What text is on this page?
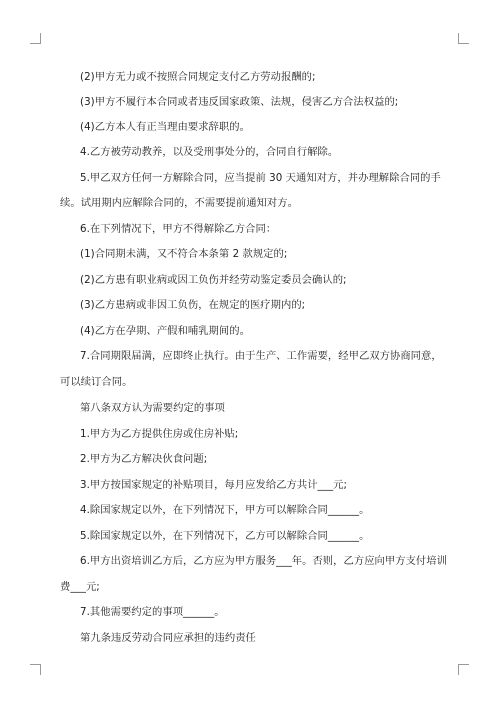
(2)甲方无力或不按照合同规定支付乙方劳动报酬的;
(3)甲方不履行本合同或者违反国家政策、法规，侵害乙方合法权益的;
(4)乙方本人有正当理由要求辞职的。
4.乙方被劳动教养，以及受刑事处分的，合同自行解除。
5.甲乙双方任何一方解除合同，应当提前 30 天通知对方，并办理解除合同的手
续。试用期内应解除合同的，不需要提前通知对方。
6.在下列情况下，甲方不得解除乙方合同：
(1)合同期未满，又不符合本条第 2 款规定的;
(2)乙方患有职业病或因工负伤并经劳动鉴定委员会确认的;
(3)乙方患病或非因工负伤，在规定的医疗期内的;
(4)乙方在孕期、产假和哺乳期间的。
7.合同期限届满，应即终止执行。由于生产、工作需要，经甲乙双方协商同意，
可以续订合同。
第八条双方认为需要约定的事项
1.甲方为乙方提供住房或住房补贴;
2.甲方为乙方解决伙食问题;
3.甲方按国家规定的补贴项目，每月应发给乙方共计___元;
4.除国家规定以外，在下列情况下，甲方可以解除合同______。
5.除国家规定以外，在下列情况下，乙方可以解除合同______。
6.甲方出资培训乙方后，乙方应为甲方服务___年。否则，乙方应向甲方支付培训
费___元;
7.其他需要约定的事项______。
第九条违反劳动合同应承担的违约责任
